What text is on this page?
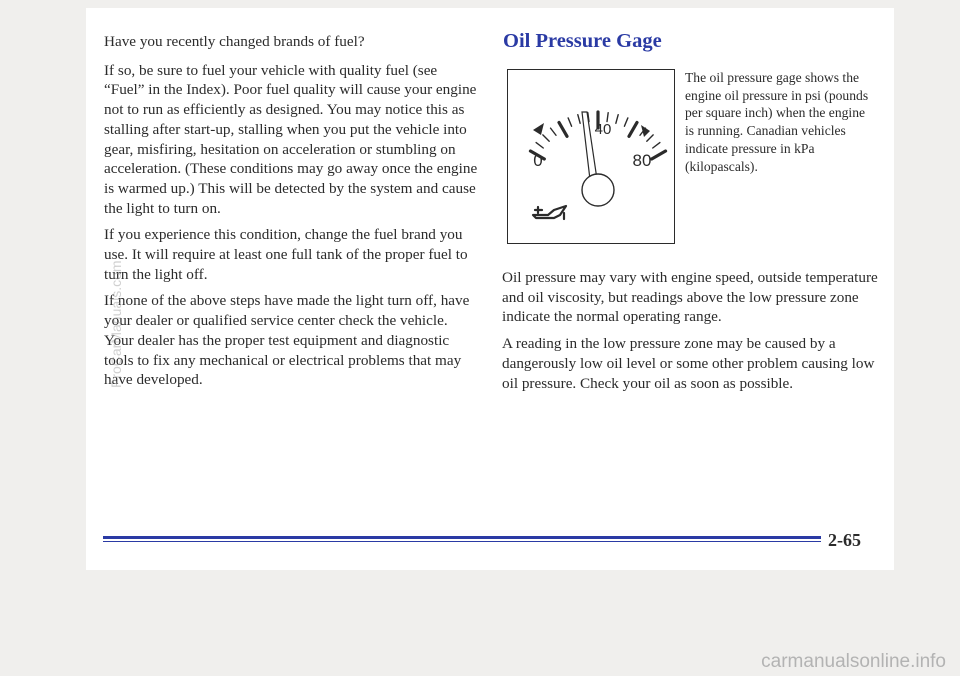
Have you recently changed brands of fuel?

If so, be sure to fuel your vehicle with quality fuel (see “Fuel” in the Index). Poor fuel quality will cause your engine not to run as efficiently as designed. You may notice this as stalling after start-up, stalling when you put the vehicle into gear, misfiring, hesitation on acceleration or stumbling on acceleration. (These conditions may go away once the engine is warmed up.) This will be detected by the system and cause the light to turn on.

If you experience this condition, change the fuel brand you use. It will require at least one full tank of the proper fuel to turn the light off.

If none of the above steps have made the light turn off, have your dealer or qualified service center check the vehicle. Your dealer has the proper test equipment and diagnostic tools to fix any mechanical or electrical problems that may have developed.

Oil Pressure Gage
0
40
80
The oil pressure gage shows the engine oil pressure in psi (pounds per square inch) when the engine is running. Canadian vehicles indicate pressure in kPa (kilopascals).

Oil pressure may vary with engine speed, outside temperature and oil viscosity, but readings above the low pressure zone indicate the normal operating range.

A reading in the low pressure zone may be caused by a dangerously low oil level or some other problem causing low oil pressure. Check your oil as soon as possible.

2-65
ProCarManuals.com
carmanualsonline.info
